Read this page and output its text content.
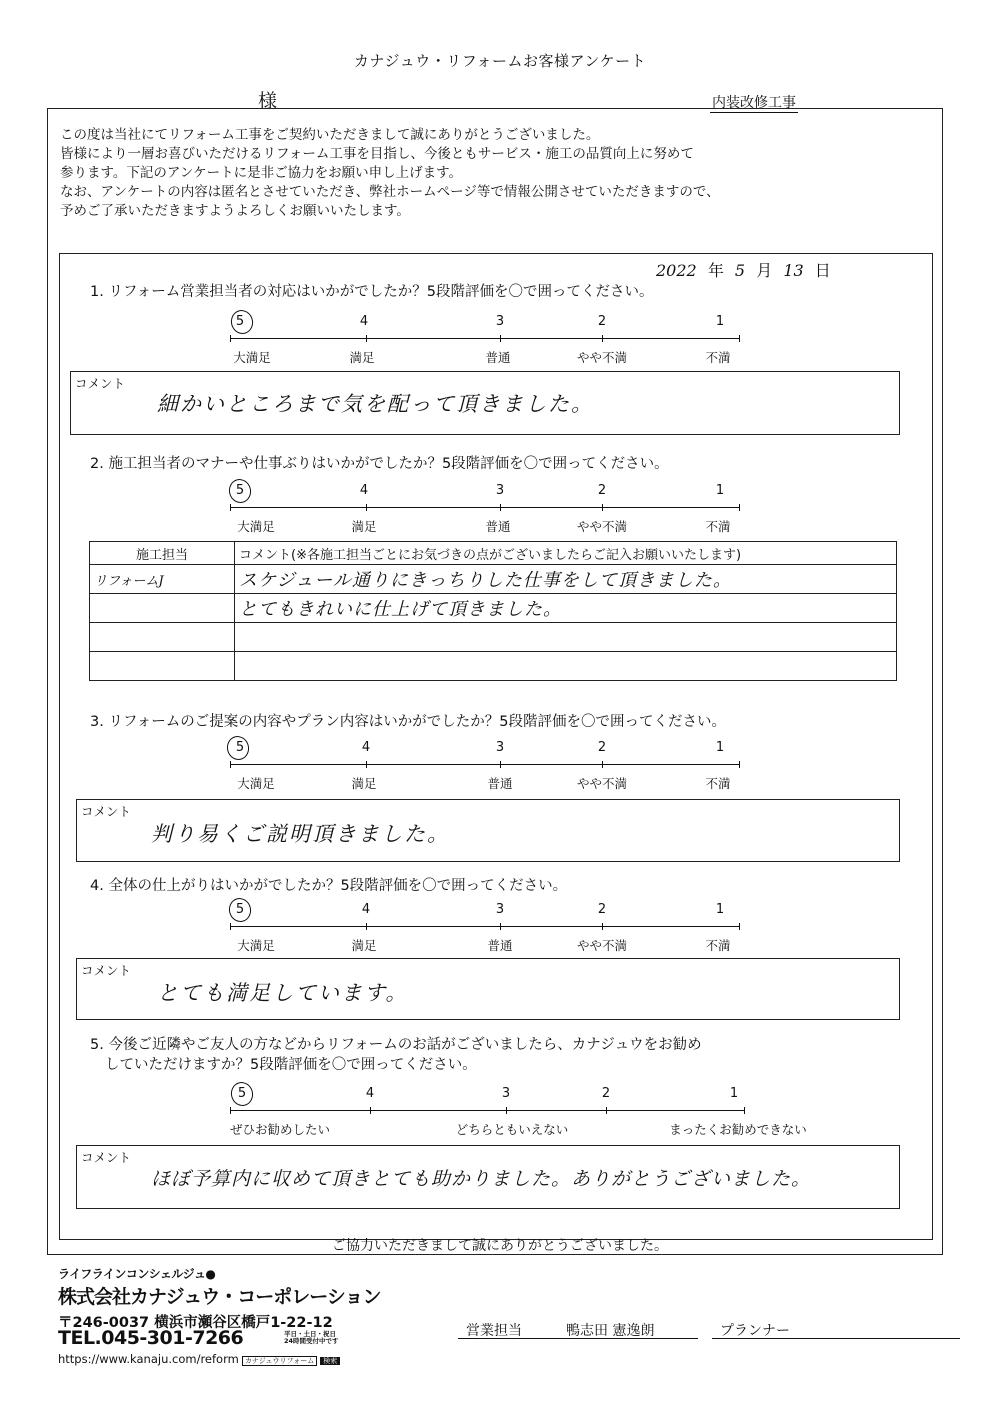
カナジュウ・リフォームお客様アンケート
様	内装改修工事
この度は当社にてリフォーム工事をご契約いただきまして誠にありがとうございました。
皆様により一層お喜びいただけるリフォーム工事を目指し、今後ともサービス・施工の品質向上に努めて
参ります。下記のアンケートに是非ご協力をお願い申し上げます。
なお、アンケートの内容は匿名とさせていただき、弊社ホームページ等で情報公開させていただきますので、
予めご了承いただきますようよろしくお願いいたします。
2022 年 5 月 13 日
1. リフォーム営業担当者の対応はいかがでしたか？5段階評価を〇で囲ってください。
5	4	3	2	1
大満足	満足	普通	やや不満	不満
コメント
細かいところまで気を配って頂きました。
2. 施工担当者のマナーや仕事ぶりはいかがでしたか？5段階評価を〇で囲ってください。
5	4	3	2	1
大満足	満足	普通	やや不満	不満
施工担当	コメント(※各施工担当ごとにお気づきの点がございましたらご記入お願いいたします)
リフォームJ	スケジュール通りにきっちりした仕事をして頂きました。
	とてもきれいに仕上げて頂きました。

3. リフォームのご提案の内容やプラン内容はいかがでしたか？5段階評価を〇で囲ってください。
5	4	3	2	1
大満足	満足	普通	やや不満	不満
コメント
判り易くご説明頂きました。
4. 全体の仕上がりはいかがでしたか？5段階評価を〇で囲ってください。
5	4	3	2	1
大満足	満足	普通	やや不満	不満
コメント
とても満足しています。
5. 今後ご近隣やご友人の方などからリフォームのお話がございましたら、カナジュウをお勧め
していただけますか？5段階評価を〇で囲ってください。
5	4	3	2	1
ぜひお勧めしたい	どちらともいえない	まったくお勧めできない
コメント
ほぼ予算内に収めて頂きとても助かりました。ありがとうございました。
ご協力いただきまして誠にありがとうございました。
ライフラインコンシェルジュ●
株式会社カナジュウ・コーポレーション
〒246-0037 横浜市瀬谷区橋戸1-22-12
TEL.045-301-7266	平日・土日・祝日 24時間受付中です
https://www.kanaju.com/reform カナジュウリフォーム 検索
営業担当	鴨志田 憲逸朗	プランナー
